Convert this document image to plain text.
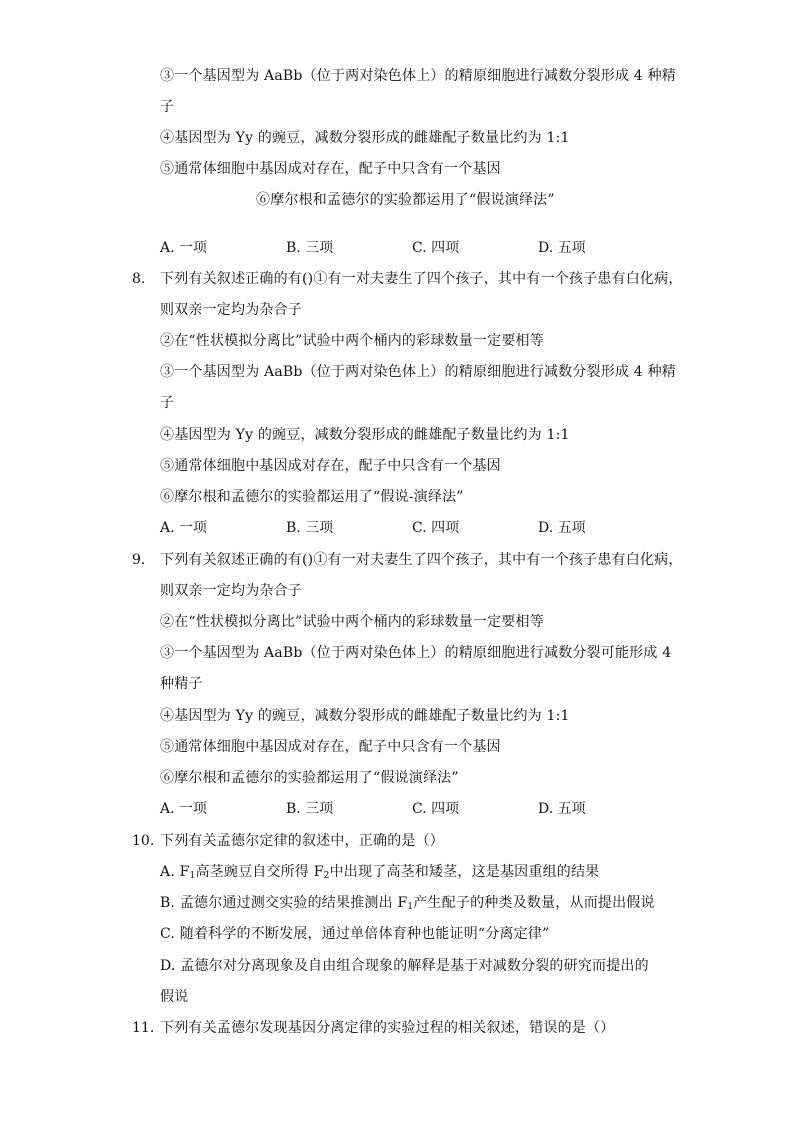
③一个基因型为 AaBb（位于两对染色体上）的精原细胞进行减数分裂形成 4 种精
子
④基因型为 Yy 的豌豆，减数分裂形成的雌雄配子数量比约为 1:1
⑤通常体细胞中基因成对存在，配子中只含有一个基因
⑥摩尔根和孟德尔的实验都运用了“假说演绎法”
A. 一项	B. 三项	C. 四项	D. 五项
8. 下列有关叙述正确的有()①有一对夫妻生了四个孩子，其中有一个孩子患有白化病，
则双亲一定均为杂合子
②在“性状模拟分离比”试验中两个桶内的彩球数量一定要相等
③一个基因型为 AaBb（位于两对染色体上）的精原细胞进行减数分裂形成 4 种精
子
④基因型为 Yy 的豌豆，减数分裂形成的雌雄配子数量比约为 1:1
⑤通常体细胞中基因成对存在，配子中只含有一个基因
⑥摩尔根和孟德尔的实验都运用了“假说-演绎法”
A. 一项	B. 三项	C. 四项	D. 五项
9. 下列有关叙述正确的有()①有一对夫妻生了四个孩子，其中有一个孩子患有白化病，
则双亲一定均为杂合子
②在“性状模拟分离比”试验中两个桶内的彩球数量一定要相等
③一个基因型为 AaBb（位于两对染色体上）的精原细胞进行减数分裂可能形成 4
种精子
④基因型为 Yy 的豌豆，减数分裂形成的雌雄配子数量比约为 1:1
⑤通常体细胞中基因成对存在，配子中只含有一个基因
⑥摩尔根和孟德尔的实验都运用了“假说演绎法”
A. 一项	B. 三项	C. 四项	D. 五项
10. 下列有关孟德尔定律的叙述中，正确的是（）
A. $F_1$高茎豌豆自交所得 $F_2$中出现了高茎和矮茎，这是基因重组的结果
B. 孟德尔通过测交实验的结果推测出 $F_1$产生配子的种类及数量，从而提出假说
C. 随着科学的不断发展，通过单倍体育种也能证明“分离定律”
D. 孟德尔对分离现象及自由组合现象的解释是基于对减数分裂的研究而提出的
假说
11. 下列有关孟德尔发现基因分离定律的实验过程的相关叙述，错误的是（）
